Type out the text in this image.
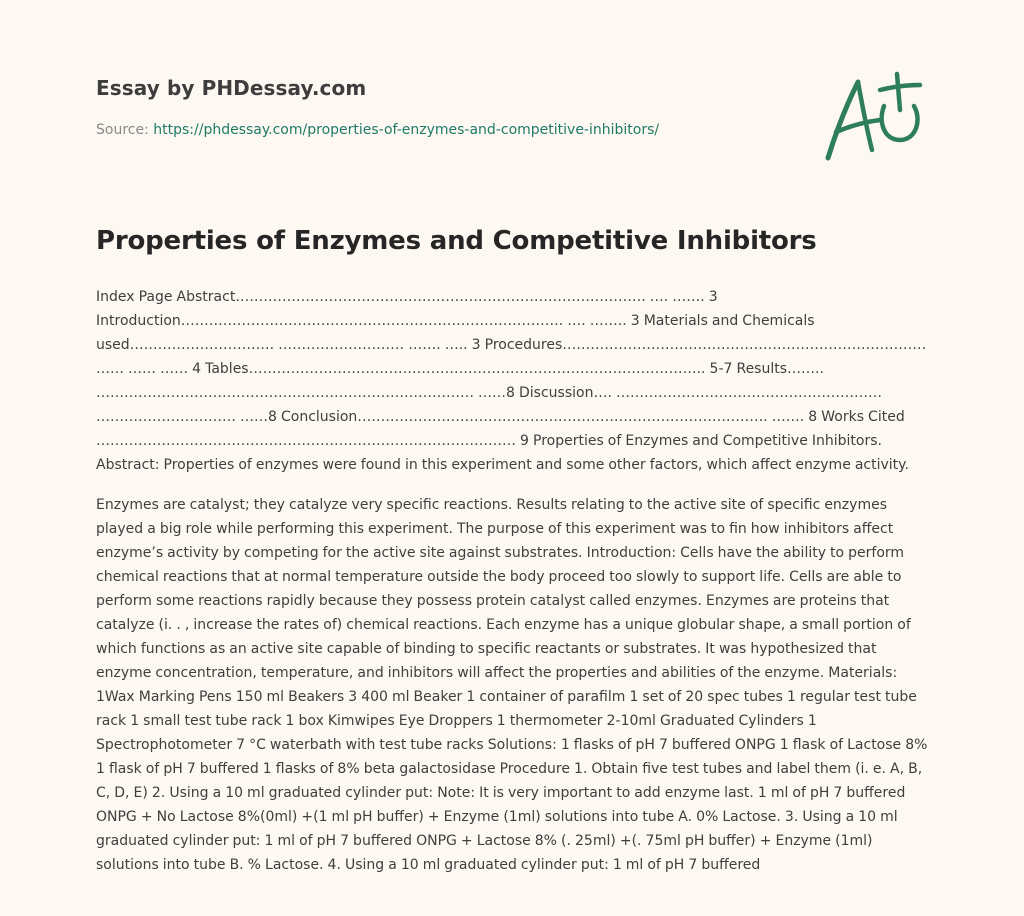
Essay by PHDessay.com
Source: https://phdessay.com/properties-of-enzymes-and-competitive-inhibitors/
Properties of Enzymes and Competitive Inhibitors

Index Page Abstract……………………………………………………………………………. …. ……. 3 Introduction………………………………………………………………………. …. …….. 3 Materials and Chemicals used…………………………. ……………………… ……. ….. 3 Procedures…………………………………………………………………… …… …… …… 4 Tables…………………………………………………………………………………….. 5-7 Results…….. ……………………………………………………………………… ……8 Discussion…. ………………………………………………… ………………………… ……8 Conclusion……………………………………………………………………………. ……. 8 Works Cited ……………………………………………………………………………… 9 Properties of Enzymes and Competitive Inhibitors. Abstract: Properties of enzymes were found in this experiment and some other factors, which affect enzyme activity.

Enzymes are catalyst; they catalyze very specific reactions. Results relating to the active site of specific enzymes played a big role while performing this experiment. The purpose of this experiment was to fin how inhibitors affect enzyme’s activity by competing for the active site against substrates. Introduction: Cells have the ability to perform chemical reactions that at normal temperature outside the body proceed too slowly to support life. Cells are able to perform some reactions rapidly because they possess protein catalyst called enzymes. Enzymes are proteins that catalyze (i. . , increase the rates of) chemical reactions. Each enzyme has a unique globular shape, a small portion of which functions as an active site capable of binding to specific reactants or substrates. It was hypothesized that enzyme concentration, temperature, and inhibitors will affect the properties and abilities of the enzyme. Materials: 1Wax Marking Pens 150 ml Beakers 3 400 ml Beaker 1 container of parafilm 1 set of 20 spec tubes 1 regular test tube rack 1 small test tube rack 1 box Kimwipes Eye Droppers 1 thermometer 2-10ml Graduated Cylinders 1 Spectrophotometer 7 °C waterbath with test tube racks Solutions: 1 flasks of pH 7 buffered ONPG 1 flask of Lactose 8% 1 flask of pH 7 buffered 1 flasks of 8% beta galactosidase Procedure 1. Obtain five test tubes and label them (i. e. A, B, C, D, E) 2. Using a 10 ml graduated cylinder put: Note: It is very important to add enzyme last. 1 ml of pH 7 buffered ONPG + No Lactose 8%(0ml) +(1 ml pH buffer) + Enzyme (1ml) solutions into tube A. 0% Lactose. 3. Using a 10 ml graduated cylinder put: 1 ml of pH 7 buffered ONPG + Lactose 8% (. 25ml) +(. 75ml pH buffer) + Enzyme (1ml) solutions into tube B. % Lactose. 4. Using a 10 ml graduated cylinder put: 1 ml of pH 7 buffered
